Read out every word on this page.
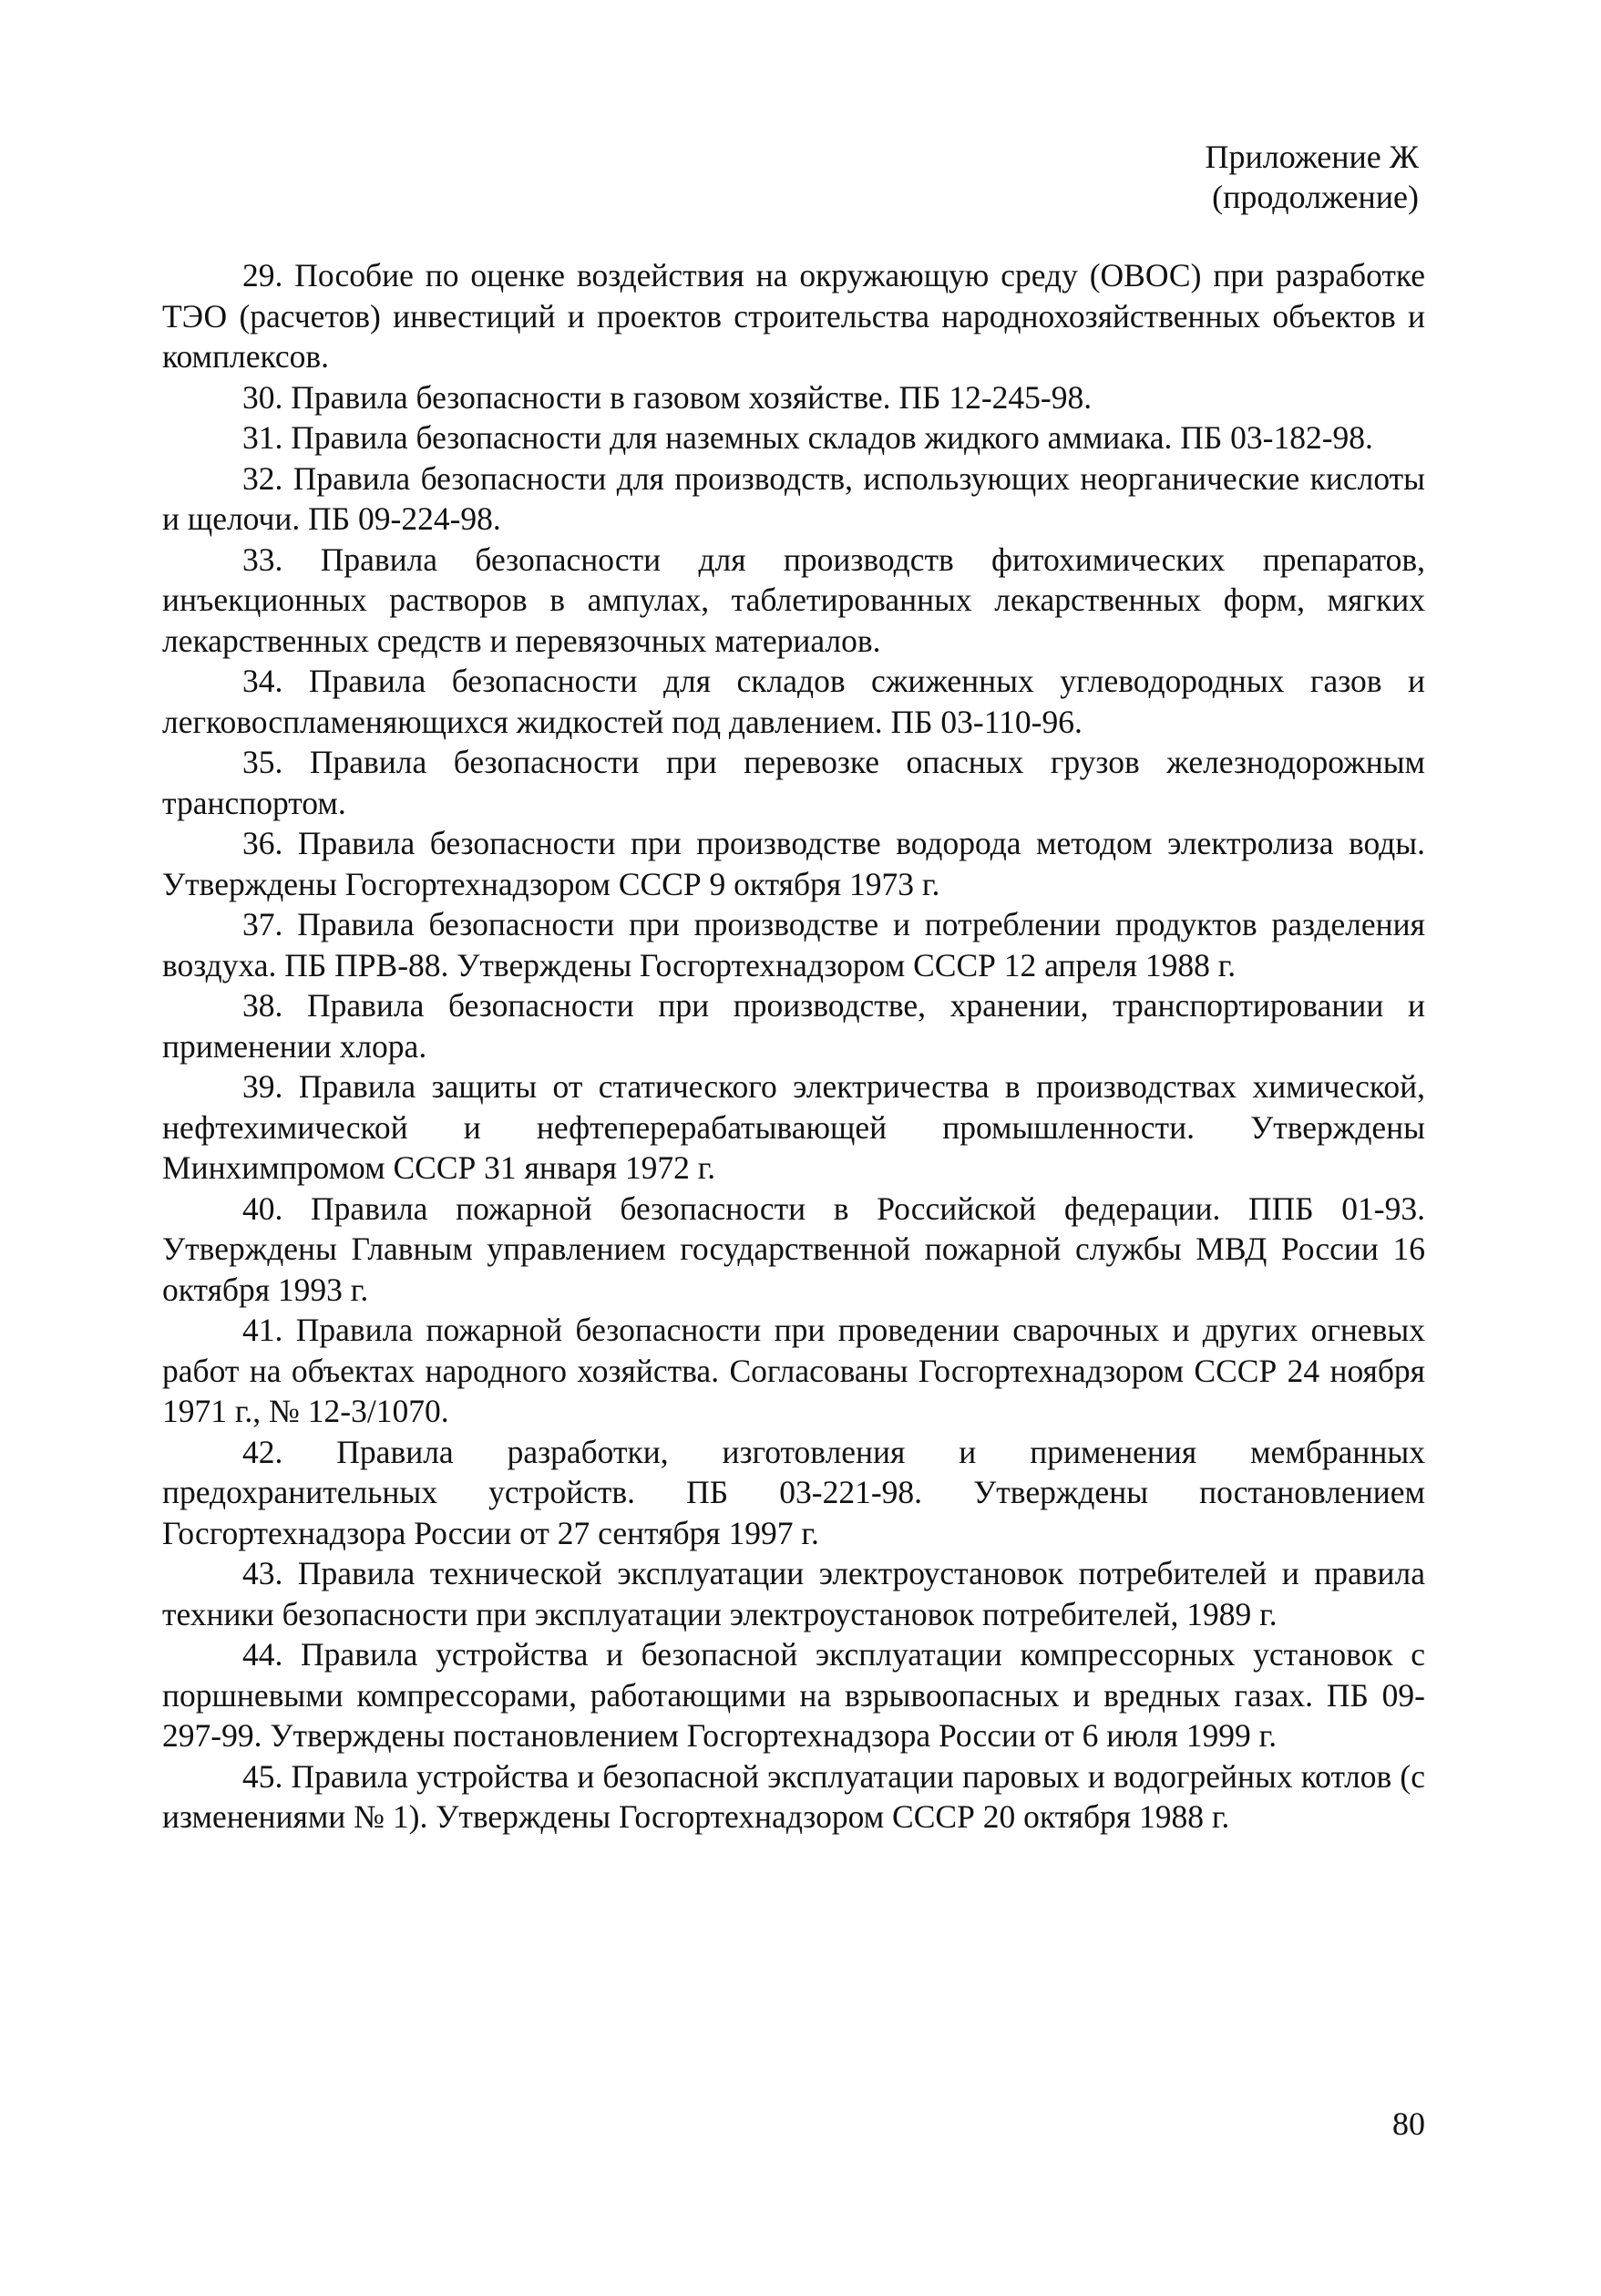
Приложение Ж
(продолжение)

29. Пособие по оценке воздействия на окружающую среду (ОВОС) при разработке ТЭО (расчетов) инвестиций и проектов строительства народнохозяйственных объектов и комплексов.

30. Правила безопасности в газовом хозяйстве. ПБ 12-245-98.

31. Правила безопасности для наземных складов жидкого аммиака. ПБ 03-182-98.

32. Правила безопасности для производств, использующих неорганические кислоты и щелочи. ПБ 09-224-98.

33. Правила безопасности для производств фитохимических препаратов, инъекционных растворов в ампулах, таблетированных лекарственных форм, мягких лекарственных средств и перевязочных материалов.

34. Правила безопасности для складов сжиженных углеводородных газов и легковоспламеняющихся жидкостей под давлением. ПБ 03-110-96.

35. Правила безопасности при перевозке опасных грузов железнодорожным транспортом.

36. Правила безопасности при производстве водорода методом электролиза воды. Утверждены Госгортехнадзором СССР 9 октября 1973 г.

37. Правила безопасности при производстве и потреблении продуктов разделения воздуха. ПБ ПРВ-88. Утверждены Госгортехнадзором СССР 12 апреля 1988 г.

38. Правила безопасности при производстве, хранении, транспортировании и применении хлора.

39. Правила защиты от статического электричества в производствах химической, нефтехимической и нефтеперерабатывающей промышленности. Утверждены Минхимпромом СССР 31 января 1972 г.

40. Правила пожарной безопасности в Российской федерации. ППБ 01-93. Утверждены Главным управлением государственной пожарной службы МВД России 16 октября 1993 г.

41. Правила пожарной безопасности при проведении сварочных и других огневых работ на объектах народного хозяйства. Согласованы Госгортехнадзором СССР 24 ноября 1971 г., № 12-3/1070.

42. Правила разработки, изготовления и применения мембранных предохранительных устройств. ПБ 03-221-98. Утверждены постановлением Госгортехнадзора России от 27 сентября 1997 г.

43. Правила технической эксплуатации электроустановок потребителей и правила техники безопасности при эксплуатации электроустановок потребителей, 1989 г.

44. Правила устройства и безопасной эксплуатации компрессорных установок с поршневыми компрессорами, работающими на взрывоопасных и вредных газах. ПБ 09-297-99. Утверждены постановлением Госгортехнадзора России от 6 июля 1999 г.

45. Правила устройства и безопасной эксплуатации паровых и водогрейных котлов (с изменениями № 1). Утверждены Госгортехнадзором СССР 20 октября 1988 г.

80
